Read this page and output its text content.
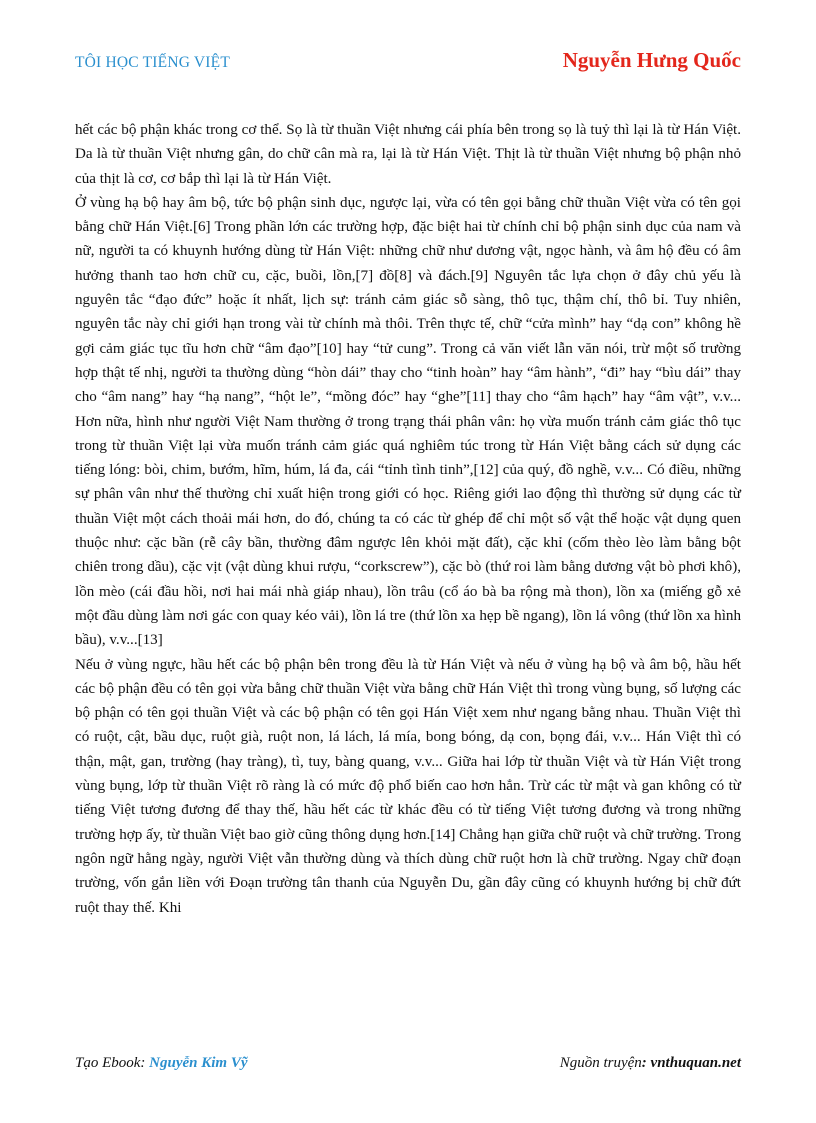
TÔI HỌC TIẾNG VIỆT	Nguyễn Hưng Quốc

hết các bộ phận khác trong cơ thể. Sọ là từ thuần Việt nhưng cái phía bên trong sọ là tuỷ thì lại là từ Hán Việt. Da là từ thuần Việt nhưng gân, do chữ cân mà ra, lại là từ Hán Việt. Thịt là từ thuần Việt nhưng bộ phận nhỏ của thịt là cơ, cơ bắp thì lại là từ Hán Việt.

Ở vùng hạ bộ hay âm bộ, tức bộ phận sinh dục, ngược lại, vừa có tên gọi bằng chữ thuần Việt vừa có tên gọi bằng chữ Hán Việt.[6] Trong phần lớn các trường hợp, đặc biệt hai từ chính chỉ bộ phận sinh dục của nam và nữ, người ta có khuynh hướng dùng từ Hán Việt: những chữ như dương vật, ngọc hành, và âm hộ đều có âm hưởng thanh tao hơn chữ cu, cặc, buồi, lồn,[7] đồ[8] và đách.[9] Nguyên tắc lựa chọn ở đây chủ yếu là nguyên tắc “đạo đức” hoặc ít nhất, lịch sự: tránh cảm giác sỗ sàng, thô tục, thậm chí, thô bỉ. Tuy nhiên, nguyên tắc này chỉ giới hạn trong vài từ chính mà thôi. Trên thực tế, chữ “cửa mình” hay “dạ con” không hề gợi cảm giác tục tĩu hơn chữ “âm đạo”[10] hay “tử cung”. Trong cả văn viết lẫn văn nói, trừ một số trường hợp thật tế nhị, người ta thường dùng “hòn dái” thay cho “tinh hoàn” hay “âm hành”, “đi” hay “bìu dái” thay cho “âm nang” hay “hạ nang”, “hột le”, “mồng đóc” hay “ghe”[11] thay cho “âm hạch” hay “âm vật”, v.v... Hơn nữa, hình như người Việt Nam thường ở trong trạng thái phân vân: họ vừa muốn tránh cảm giác thô tục trong từ thuần Việt lại vừa muốn tránh cảm giác quá nghiêm túc trong từ Hán Việt bằng cách sử dụng các tiếng lóng: bòi, chim, bướm, hĩm, húm, lá đa, cái “tỉnh tình tinh”,[12] của quý, đồ nghề, v.v... Có điều, những sự phân vân như thế thường chỉ xuất hiện trong giới có học. Riêng giới lao động thì thường sử dụng các từ thuần Việt một cách thoải mái hơn, do đó, chúng ta có các từ ghép để chỉ một số vật thể hoặc vật dụng quen thuộc như: cặc bần (rễ cây bần, thường đâm ngược lên khỏi mặt đất), cặc khỉ (cốm thèo lèo làm bằng bột chiên trong dầu), cặc vịt (vật dùng khui rượu, “corkscrew”), cặc bò (thứ roi làm bằng dương vật bò phơi khô), lồn mèo (cái đầu hồi, nơi hai mái nhà giáp nhau), lồn trâu (cổ áo bà ba rộng mà thon), lồn xa (miếng gỗ xẻ một đầu dùng làm nơi gác con quay kéo vải), lồn lá tre (thứ lồn xa hẹp bề ngang), lồn lá vông (thứ lồn xa hình bầu), v.v...[13]

Nếu ở vùng ngực, hầu hết các bộ phận bên trong đều là từ Hán Việt và nếu ở vùng hạ bộ và âm bộ, hầu hết các bộ phận đều có tên gọi vừa bằng chữ thuần Việt vừa bằng chữ Hán Việt thì trong vùng bụng, số lượng các bộ phận có tên gọi thuần Việt và các bộ phận có tên gọi Hán Việt xem như ngang bằng nhau. Thuần Việt thì có ruột, cật, bầu dục, ruột già, ruột non, lá lách, lá mía, bong bóng, dạ con, bọng đái, v.v... Hán Việt thì có thận, mật, gan, trường (hay tràng), tì, tuy, bàng quang, v.v... Giữa hai lớp từ thuần Việt và từ Hán Việt trong vùng bụng, lớp từ thuần Việt rõ ràng là có mức độ phổ biến cao hơn hẳn. Trừ các từ mật và gan không có từ tiếng Việt tương đương để thay thế, hầu hết các từ khác đều có từ tiếng Việt tương đương và trong những trường hợp ấy, từ thuần Việt bao giờ cũng thông dụng hơn.[14] Chẳng hạn giữa chữ ruột và chữ trường. Trong ngôn ngữ hằng ngày, người Việt vẫn thường dùng và thích dùng chữ ruột hơn là chữ trường. Ngay chữ đoạn trường, vốn gắn liền với Đoạn trường tân thanh của Nguyễn Du, gần đây cũng có khuynh hướng bị chữ đứt ruột thay thế. Khi

Tạo Ebook: Nguyễn Kim Vỹ	Nguồn truyện: vnthuquan.net
